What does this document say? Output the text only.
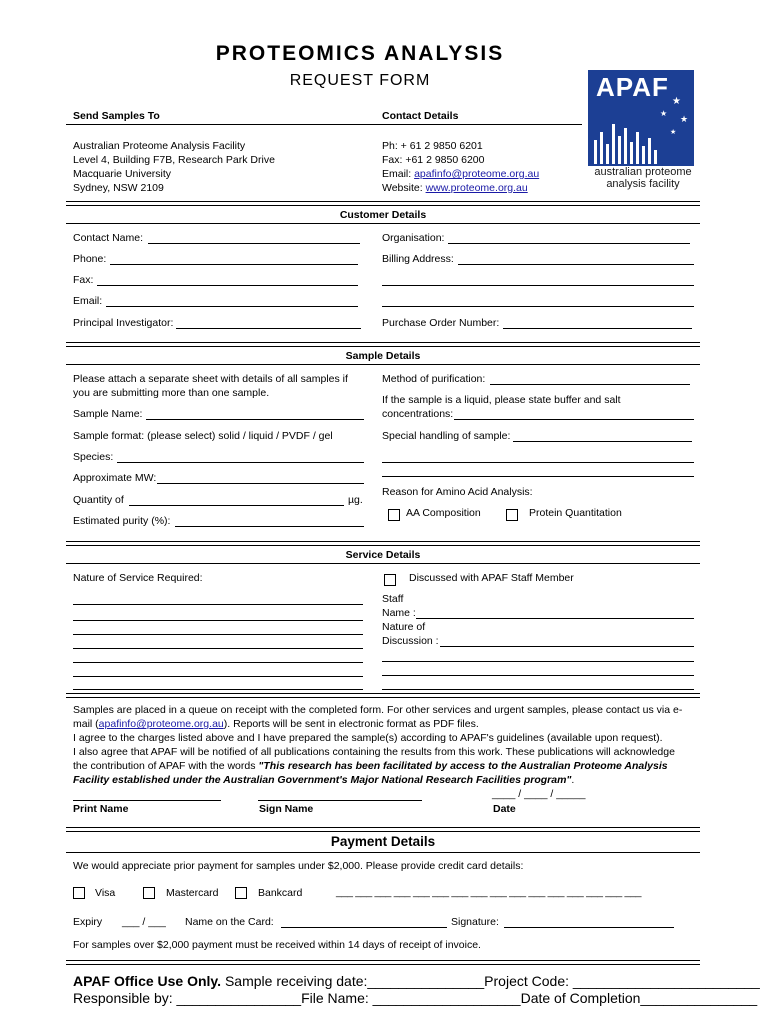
PROTEOMICS ANALYSIS
REQUEST FORM
★
★
★
★
APAF
australian proteome
analysis facility
Send Samples To	Contact Details
Australian Proteome Analysis Facility
Level 4, Building F7B, Research Park Drive
Macquarie University
Sydney, NSW 2109
Ph: + 61 2 9850 6201
Fax: +61 2 9850 6200
Email: apafinfo@proteome.org.au
Website: www.proteome.org.au
Customer Details
Contact Name:	Organisation:
Phone:	Billing Address:
Fax:
Email:
Principal Investigator:	Purchase Order Number:
Sample Details
Please attach a separate sheet with details of all samples if
you are submitting more than one sample.
Sample Name:
Sample format: (please select) solid / liquid / PVDF / gel
Species:
Approximate MW:
Quantity of	µg.
Estimated purity (%):
Method of purification:
If the sample is a liquid, please state buffer and salt
concentrations:
Special handling of sample:
Reason for Amino Acid Analysis:
AA Composition	Protein Quantitation
Service Details
Nature of Service Required:	Discussed with APAF Staff Member
Staff
Name :
Nature of
Discussion :
Samples are placed in a queue on receipt with the completed form. For other services and urgent samples, please contact us via e-
mail (apafinfo@proteome.org.au). Reports will be sent in electronic format as PDF files.
I agree to the charges listed above and I have prepared the sample(s) according to APAF's guidelines (available upon request).
I also agree that APAF will be notified of all publications containing the results from this work. These publications will acknowledge
the contribution of APAF with the words "This research has been facilitated by access to the Australian Proteome Analysis
Facility established under the Australian Government's Major National Research Facilities program".
____ / ____ / _____
Print Name	Sign Name	Date
Payment Details
We would appreciate prior payment for samples under $2,000. Please provide credit card details:
Visa	Mastercard	Bankcard	___ ___ ___ ___ ___ ___ ___ ___ ___ ___ ___ ___ ___ ___ ___ ___
Expiry ___ / ___ Name on the Card:	Signature:
For samples over $2,000 payment must be received within 14 days of receipt of invoice.
APAF Office Use Only. Sample receiving date:_______________Project Code: ________________________
Responsible by: ________________File Name: ___________________Date of Completion_______________
